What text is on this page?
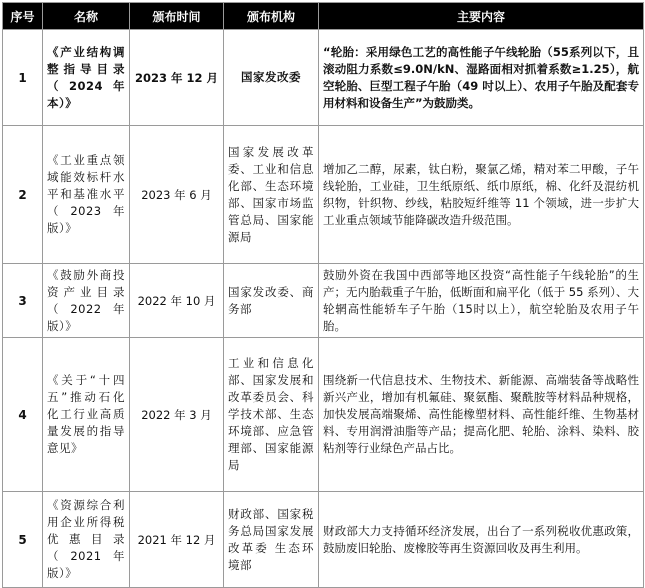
序号	名称	颁布时间	颁布机构	主要内容
1	《产业结构调整指导目录（2024年本）》	2023 年 12 月	国家发改委	“轮胎：采用绿色工艺的高性能子午线轮胎（55系列以下，且滚动阻力系数≤9.0N/kN、湿路面相对抓着系数≥1.25），航空轮胎、巨型工程子午胎（49 吋以上）、农用子午胎及配套专用材料和设备生产”为鼓励类。
2	《工业重点领域能效标杆水平和基准水平（2023年版）》	2023 年 6 月	国家发展改革委、工业和信息化部、生态环境部、国家市场监管总局、国家能源局	增加乙二醇，尿素，钛白粉，聚氯乙烯，精对苯二甲酸，子午线轮胎，工业硅，卫生纸原纸、纸巾原纸，棉、化纤及混纺机织物，针织物、纱线，粘胶短纤维等 11 个领域，进一步扩大工业重点领域节能降碳改造升级范围。
3	《鼓励外商投资产业目录（2022年版）》	2022 年 10 月	国家发改委、商务部	鼓励外资在我国中西部等地区投资“高性能子午线轮胎”的生产；无内胎载重子午胎，低断面和扁平化（低于 55 系列）、大轮辋高性能轿车子午胎（15时以上），航空轮胎及农用子午胎。
4	《关于“十四五”推动石化化工行业高质量发展的指导意见》	2022 年 3 月	工业和信息化部、国家发展和改革委员会、科学技术部、生态环境部、应急管理部、国家能源局	围绕新一代信息技术、生物技术、新能源、高端装备等战略性新兴产业，增加有机氟硅、聚氨酯、聚酰胺等材料品种规格，加快发展高端聚烯、高性能橡塑材料、高性能纤维、生物基材料、专用润滑油脂等产品；提高化肥、轮胎、涂料、染料、胶粘剂等行业绿色产品占比。
5	《资源综合利用企业所得税优惠目录（2021年版）》	2021 年 12 月	财政部、国家税务总局国家发展改革委 生态环境部	财政部大力支持循环经济发展，出台了一系列税收优惠政策，鼓励废旧轮胎、废橡胶等再生资源回收及再生利用。
